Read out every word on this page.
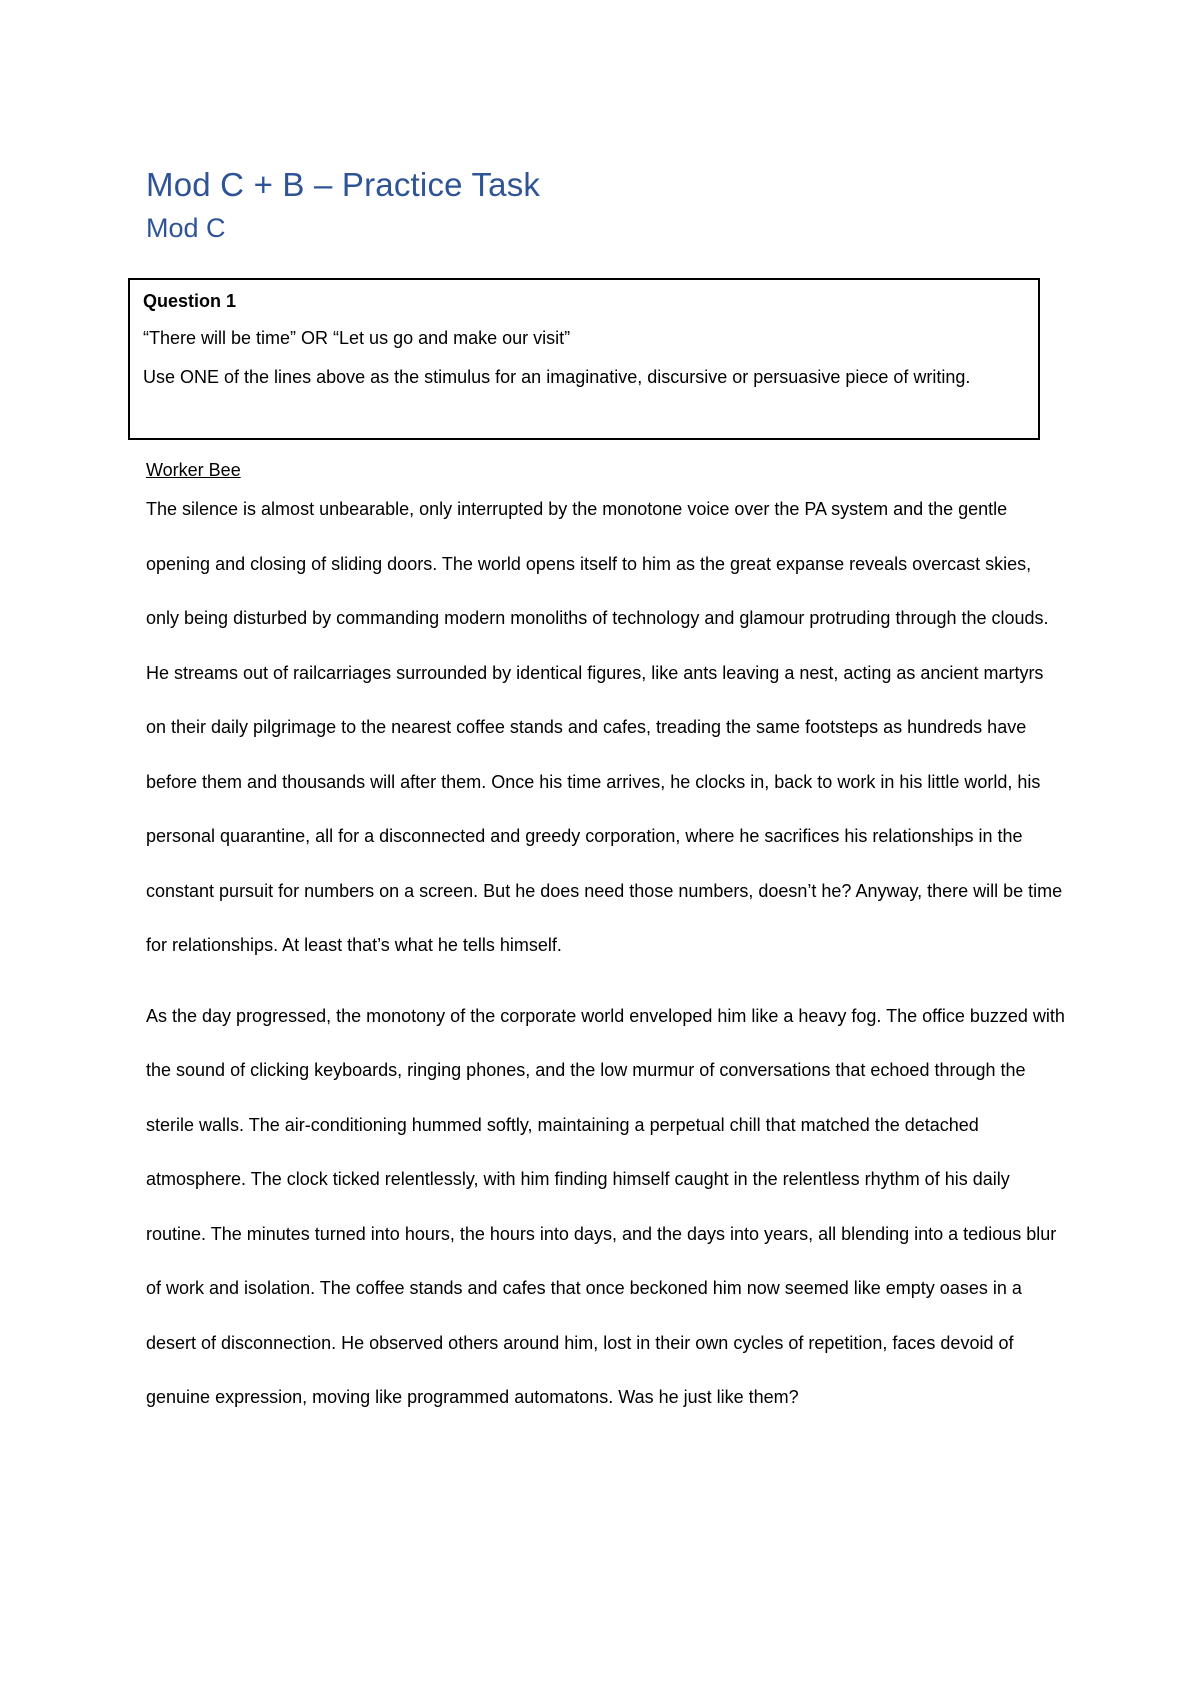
Mod C + B – Practice Task
Mod C

Question 1

“There will be time” OR “Let us go and make our visit”

Use ONE of the lines above as the stimulus for an imaginative, discursive or persuasive piece of writing.

Worker Bee

The silence is almost unbearable, only interrupted by the monotone voice over the PA system and the gentle opening and closing of sliding doors. The world opens itself to him as the great expanse reveals overcast skies, only being disturbed by commanding modern monoliths of technology and glamour protruding through the clouds. He streams out of railcarriages surrounded by identical figures, like ants leaving a nest, acting as ancient martyrs on their daily pilgrimage to the nearest coffee stands and cafes, treading the same footsteps as hundreds have before them and thousands will after them. Once his time arrives, he clocks in, back to work in his little world, his personal quarantine, all for a disconnected and greedy corporation, where he sacrifices his relationships in the constant pursuit for numbers on a screen. But he does need those numbers, doesn’t he? Anyway, there will be time for relationships. At least that’s what he tells himself.

As the day progressed, the monotony of the corporate world enveloped him like a heavy fog. The office buzzed with the sound of clicking keyboards, ringing phones, and the low murmur of conversations that echoed through the sterile walls. The air-conditioning hummed softly, maintaining a perpetual chill that matched the detached atmosphere. The clock ticked relentlessly, with him finding himself caught in the relentless rhythm of his daily routine. The minutes turned into hours, the hours into days, and the days into years, all blending into a tedious blur of work and isolation. The coffee stands and cafes that once beckoned him now seemed like empty oases in a desert of disconnection. He observed others around him, lost in their own cycles of repetition, faces devoid of genuine expression, moving like programmed automatons. Was he just like them?
